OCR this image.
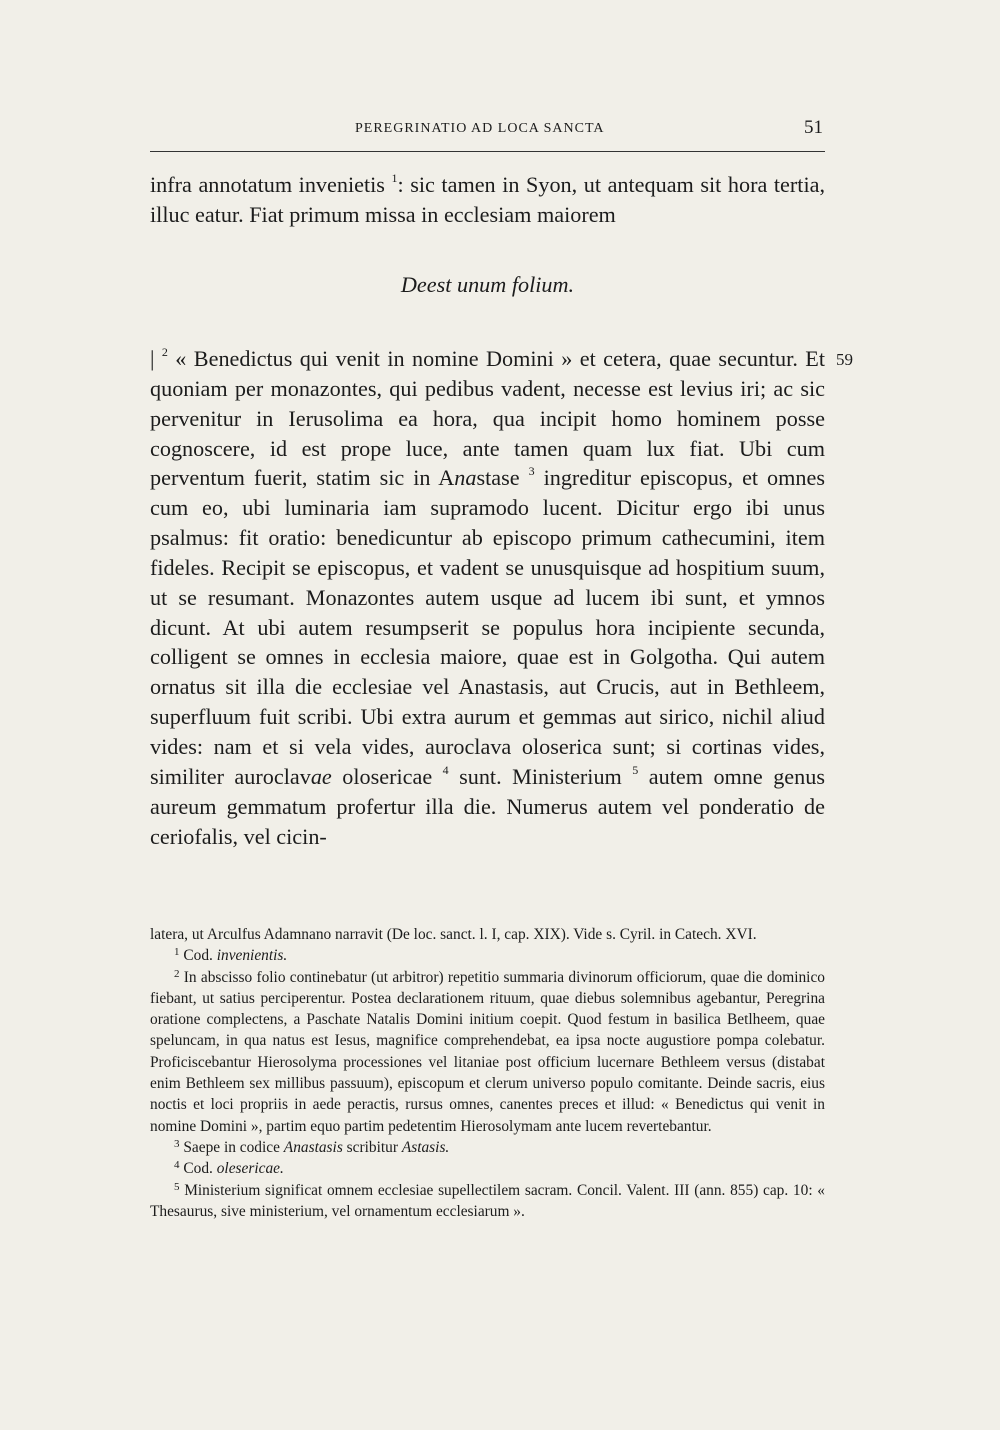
PEREGRINATIO AD LOCA SANCTA	51

infra annotatum invenietis $^1$: sic tamen in Syon, ut antequam sit hora tertia, illuc eatur. Fiat primum missa in ecclesiam maiorem

Deest unum folium.
59

| $^2$ « Benedictus qui venit in nomine Domini » et cetera, quae secuntur. Et quoniam per monazontes, qui pedibus vadent, necesse est levius iri; ac sic pervenitur in Ierusolima ea hora, qua incipit homo hominem posse cognoscere, id est prope luce, ante tamen quam lux fiat. Ubi cum perventum fuerit, statim sic in Anastase $^3$ ingreditur episcopus, et omnes cum eo, ubi luminaria iam supramodo lucent. Dicitur ergo ibi unus psalmus: fit oratio: benedicuntur ab episcopo primum cathecumini, item fideles. Recipit se episcopus, et vadent se unusquisque ad hospitium suum, ut se resumant. Monazontes autem usque ad lucem ibi sunt, et ymnos dicunt. At ubi autem resumpserit se populus hora incipiente secunda, colligent se omnes in ecclesia maiore, quae est in Golgotha. Qui autem ornatus sit illa die ecclesiae vel Anastasis, aut Crucis, aut in Bethleem, superfluum fuit scribi. Ubi extra aurum et gemmas aut sirico, nichil aliud vides: nam et si vela vides, auroclava oloserica sunt; si cortinas vides, similiter auroclavae olosericae $^4$ sunt. Ministerium $^5$ autem omne genus aureum gemmatum profertur illa die. Numerus autem vel ponderatio de ceriofalis, vel cicin-

latera, ut Arculfus Adamnano narravit (De loc. sanct. l. I, cap. XIX). Vide s. Cyril. in Catech. XVI.

$^1$ Cod. invenientis.

$^2$ In abscisso folio continebatur (ut arbitror) repetitio summaria divinorum officiorum, quae die dominico fiebant, ut satius perciperentur. Postea declarationem rituum, quae diebus solemnibus agebantur, Peregrina oratione complectens, a Paschate Natalis Domini initium coepit. Quod festum in basilica Betlheem, quae speluncam, in qua natus est Iesus, magnifice comprehendebat, ea ipsa nocte augustiore pompa colebatur. Proficiscebantur Hierosolyma processiones vel litaniae post officium lucernare Bethleem versus (distabat enim Bethleem sex millibus passuum), episcopum et clerum universo populo comitante. Deinde sacris, eius noctis et loci propriis in aede peractis, rursus omnes, canentes preces et illud: « Benedictus qui venit in nomine Domini », partim equo partim pedetentim Hierosolymam ante lucem revertebantur.

$^3$ Saepe in codice Anastasis scribitur Astasis.

$^4$ Cod. olesericae.

$^5$ Ministerium significat omnem ecclesiae supellectilem sacram. Concil. Valent. III (ann. 855) cap. 10: « Thesaurus, sive ministerium, vel ornamentum ecclesiarum ».
